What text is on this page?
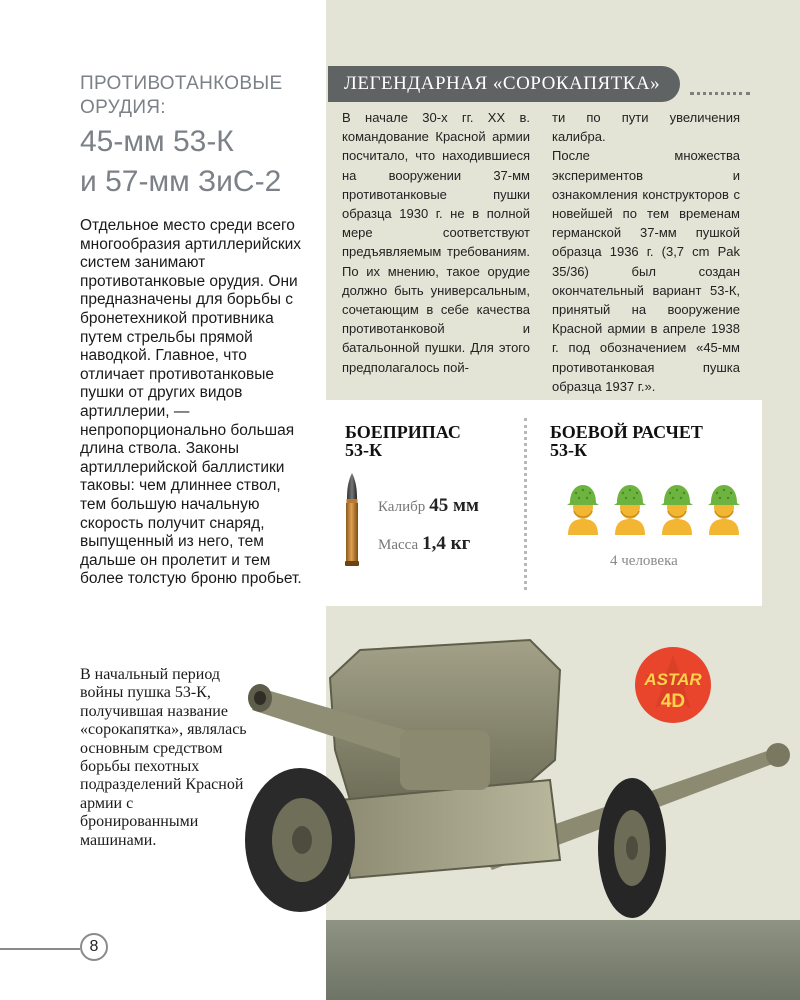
ПРОТИВОТАНКОВЫЕ
ОРУДИЯ:
45-мм 53-К
и 57-мм ЗиС-2
Отдельное место среди всего многообразия артиллерийских систем занимают противотанковые орудия. Они предназначены для борьбы с бронетехникой противника путем стрельбы прямой наводкой. Главное, что отличает противотанковые пушки от других видов артиллерии, — непропорционально большая длина ствола. Законы артиллерийской баллистики таковы: чем длиннее ствол, тем большую начальную скорость получит снаряд, выпущенный из него, тем дальше он пролетит и тем более толстую броню пробьет.
В начальный период войны пушка 53-К, получившая название «сорокапятка», являлась основным средством борьбы пехотных подразделений Красной армии с бронированными машинами.
ЛЕГЕНДАРНАЯ «СОРОКАПЯТКА»

В начале 30-х гг. XX в. командование Красной армии посчитало, что находившиеся на вооружении 37-мм противотанковые пушки образца 1930 г. не в полной мере соответствуют предъявляемым требованиям. По их мнению, такое орудие должно быть универсальным, сочетающим в себе качества противотанковой и батальонной пушки. Для этого предполагалось пой-

ти по пути увеличения калибра.

После множества экспериментов и ознакомления конструкторов с новейшей по тем временам германской 37-мм пушкой образца 1936 г. (3,7 cm Pak 35/36) был создан окончательный вариант 53-К, принятый на вооружение Красной армии в апреле 1938 г. под обозначением «45-мм противотанковая пушка образца 1937 г.».

БОЕПРИПАС
53-К
Калибр 45 мм
Масса 1,4 кг
БОЕВОЙ РАСЧЕТ
53-К
4 человека
ASTAR
4D
8
